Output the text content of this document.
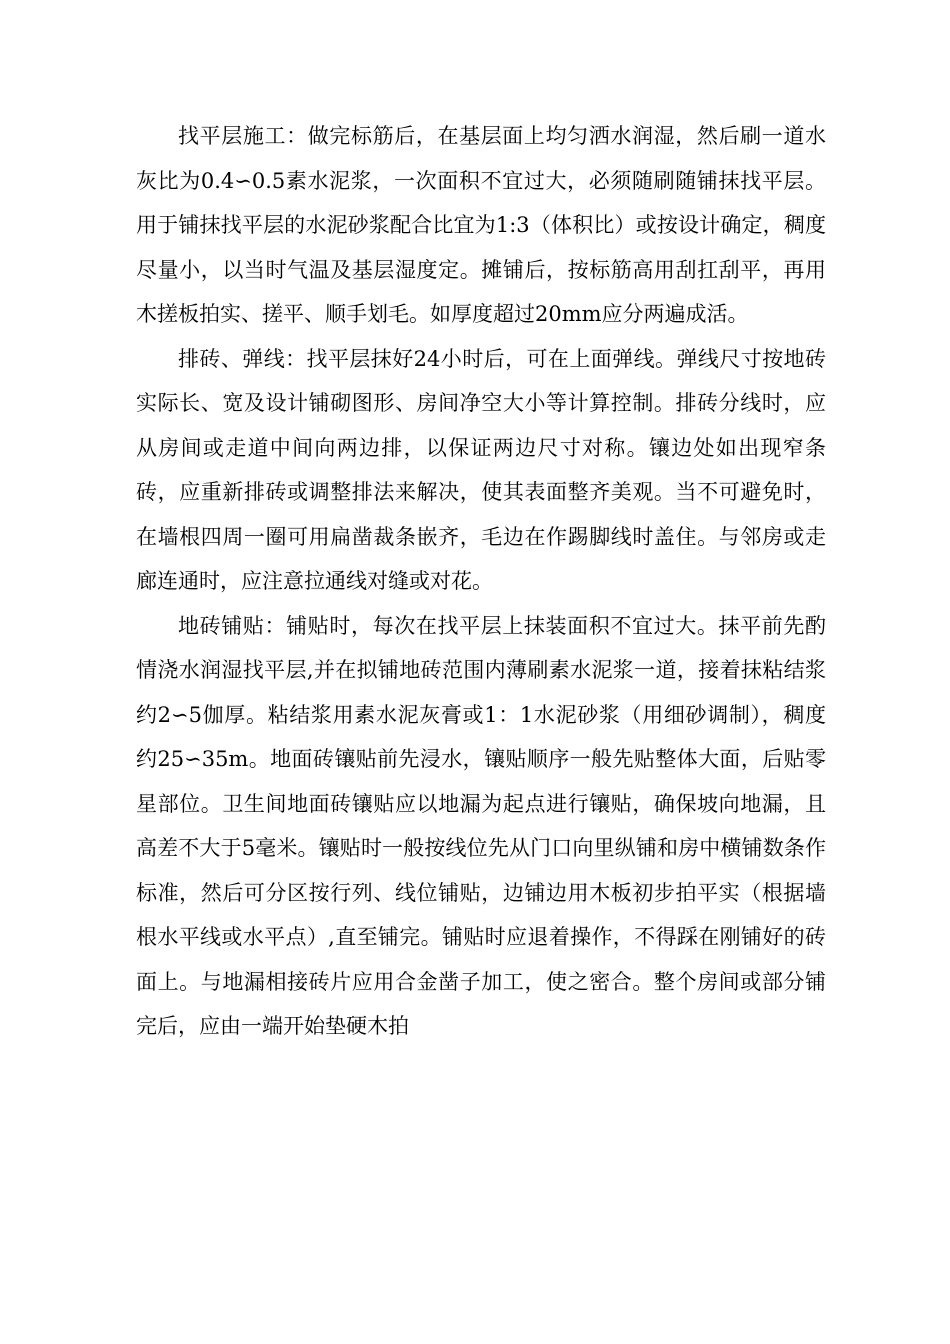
找平层施工：做完标筋后，在基层面上均匀洒水润湿，然后刷一道水灰比为0.4∽0.5素水泥浆，一次面积不宜过大，必须随刷随铺抹找平层。用于铺抹找平层的水泥砂浆配合比宜为1:3（体积比）或按设计确定，稠度尽量小，以当时气温及基层湿度定。摊铺后，按标筋高用刮扛刮平，再用木搓板拍实、搓平、顺手划毛。如厚度超过20mm应分两遍成活。

排砖、弹线：找平层抹好24小时后，可在上面弹线。弹线尺寸按地砖实际长、宽及设计铺砌图形、房间净空大小等计算控制。排砖分线时，应从房间或走道中间向两边排，以保证两边尺寸对称。镶边处如出现窄条砖，应重新排砖或调整排法来解决，使其表面整齐美观。当不可避免时，在墙根四周一圈可用扁凿裁条嵌齐，毛边在作踢脚线时盖住。与邻房或走廊连通时，应注意拉通线对缝或对花。

地砖铺贴：铺贴时，每次在找平层上抹装面积不宜过大。抹平前先酌情浇水润湿找平层,并在拟铺地砖范围内薄刷素水泥浆一道，接着抹粘结浆约2∽5伽厚。粘结浆用素水泥灰膏或1：1水泥砂浆（用细砂调制），稠度约25∽35m。地面砖镶贴前先浸水，镶贴顺序一般先贴整体大面，后贴零星部位。卫生间地面砖镶贴应以地漏为起点进行镶贴，确保坡向地漏，且高差不大于5毫米。镶贴时一般按线位先从门口向里纵铺和房中横铺数条作标准，然后可分区按行列、线位铺贴，边铺边用木板初步拍平实（根据墙根水平线或水平点）,直至铺完。铺贴时应退着操作，不得踩在刚铺好的砖面上。与地漏相接砖片应用合金凿子加工，使之密合。整个房间或部分铺完后，应由一端开始垫硬木拍
